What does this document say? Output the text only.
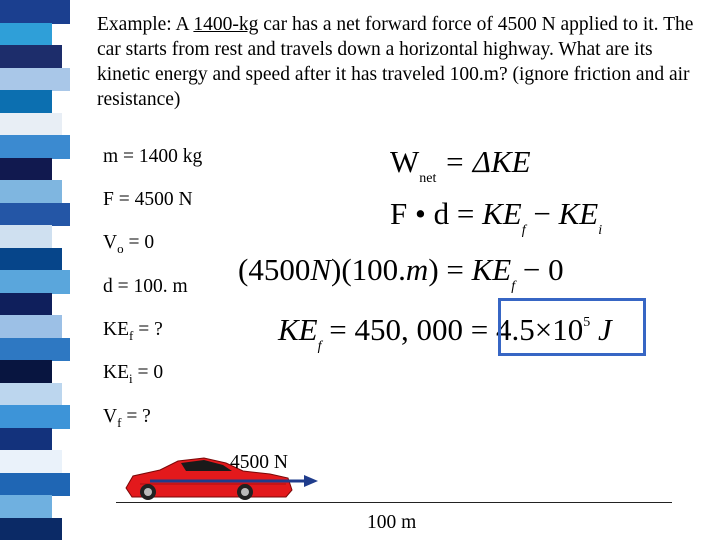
Example: A 1400-kg car has a net forward force of 4500 N applied to it. The car starts from rest and travels down a horizontal highway. What are its kinetic energy and speed after it has traveled 100.m? (ignore friction and air resistance)

m = 1400 kg
F = 4500 N
$V_o = 0$
d = 100. m
$KE_f$ = ?
$KE_i = 0$
$V_f$ = ?
$W_{net} = \Delta KE$
F • $d = KE_f - KE_i$
$(4500N)(100.m) = KE_f - 0$
$KE_f = 450$, $000 = 4.5\times 10^5$ J
4500 N
100 m
